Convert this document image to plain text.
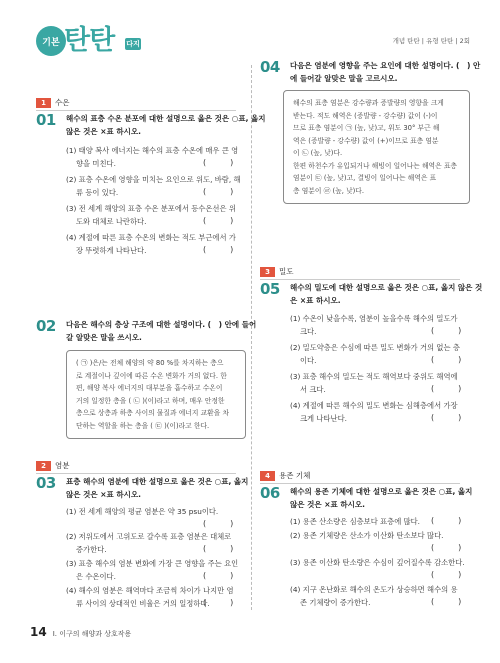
개념 탄탄 | 유형 탄탄 | 2회
기본 탄탄 다지
1	수온
01 해수의 표층 수온 분포에 대한 설명으로 옳은 것은 ○표, 옳지
않은 것은 ×표 하시오.
(1) 태양 복사 에너지는 해수의 표층 수온에 매우 큰 영
향을 미친다.	(　　　)
(2) 표층 수온에 영향을 미치는 요인으로 위도, 바람, 해
류 등이 있다.	(　　　)
(3) 전 세계 해양의 표층 수온 분포에서 등수온선은 위
도와 대체로 나란하다.	(　　　)
(4) 계절에 따른 표층 수온의 변화는 적도 부근에서 가
장 뚜렷하게 나타난다.	(　　　)
02 다음은 해수의 층상 구조에 대한 설명이다. (　) 안에 들어
갈 알맞은 말을 쓰시오.
( ㉠ )은/는 전체 해양의 약 80 %를 차지하는 층으
로 계절이나 깊이에 따른 수온 변화가 거의 없다. 한
편, 해양 복사 에너지의 대부분을 흡수하고 수온이
거의 일정한 층을 ( ㉡ )(이)라고 하며, 매우 안정한
층으로 상층과 하층 사이의 물질과 에너지 교환을 차
단하는 역할을 하는 층을 ( ㉢ )(이)라고 한다.
2	염분
03 표층 해수의 염분에 대한 설명으로 옳은 것은 ○표, 옳지
않은 것은 ×표 하시오.
(1) 전 세계 해양의 평균 염분은 약 35 psu이다.
(　　　)
(2) 저위도에서 고위도로 갈수록 표층 염분은 대체로
증가한다.	(　　　)
(3) 표층 해수의 염분 변화에 가장 큰 영향을 주는 요인
은 수온이다.	(　　　)
(4) 해수의 염분은 해역마다 조금씩 차이가 나지만 염
류 사이의 상대적인 비율은 거의 일정하다.
(　　　)
04 다음은 염분에 영향을 주는 요인에 대한 설명이다. (　) 안
에 들어갈 알맞은 말을 고르시오.
해수의 표층 염분은 강수량과 증발량의 영향을 크게
받는다. 적도 해역은 (증발량 - 강수량) 값이 (-)이
므로 표층 염분이 ㉠ (높, 낮)고, 위도 30° 부근 해
역은 (증발량 - 강수량) 값이 (+)이므로 표층 염분
이 ㉡ (높, 낮)다.
한편 하천수가 유입되거나 해빙이 일어나는 해역은 표층
염분이 ㉢ (높, 낮)고, 결빙이 일어나는 해역은 표
층 염분이 ㉣ (높, 낮)다.
3	밀도
05 해수의 밀도에 대한 설명으로 옳은 것은 ○표, 옳지 않은 것
은 ×표 하시오.
(1) 수온이 낮을수록, 염분이 높을수록 해수의 밀도가
크다.	(　　　)
(2) 밀도약층은 수심에 따른 밀도 변화가 거의 없는 층
이다.	(　　　)
(3) 표층 해수의 밀도는 적도 해역보다 중위도 해역에
서 크다.	(　　　)
(4) 계절에 따른 해수의 밀도 변화는 심해층에서 가장
크게 나타난다.	(　　　)
4	용존 기체
06 해수의 용존 기체에 대한 설명으로 옳은 것은 ○표, 옳지
않은 것은 ×표 하시오.
(1) 용존 산소량은 심층보다 표층에 많다.	(　　　)
(2) 용존 기체량은 산소가 이산화 탄소보다 많다.
(　　　)
(3) 용존 이산화 탄소량은 수심이 깊어질수록 감소한다.
(　　　)
(4) 지구 온난화로 해수의 온도가 상승하면 해수의 용
존 기체량이 증가한다.	(　　　)
14 Ⅰ. 이구의 해양과 상호작용
